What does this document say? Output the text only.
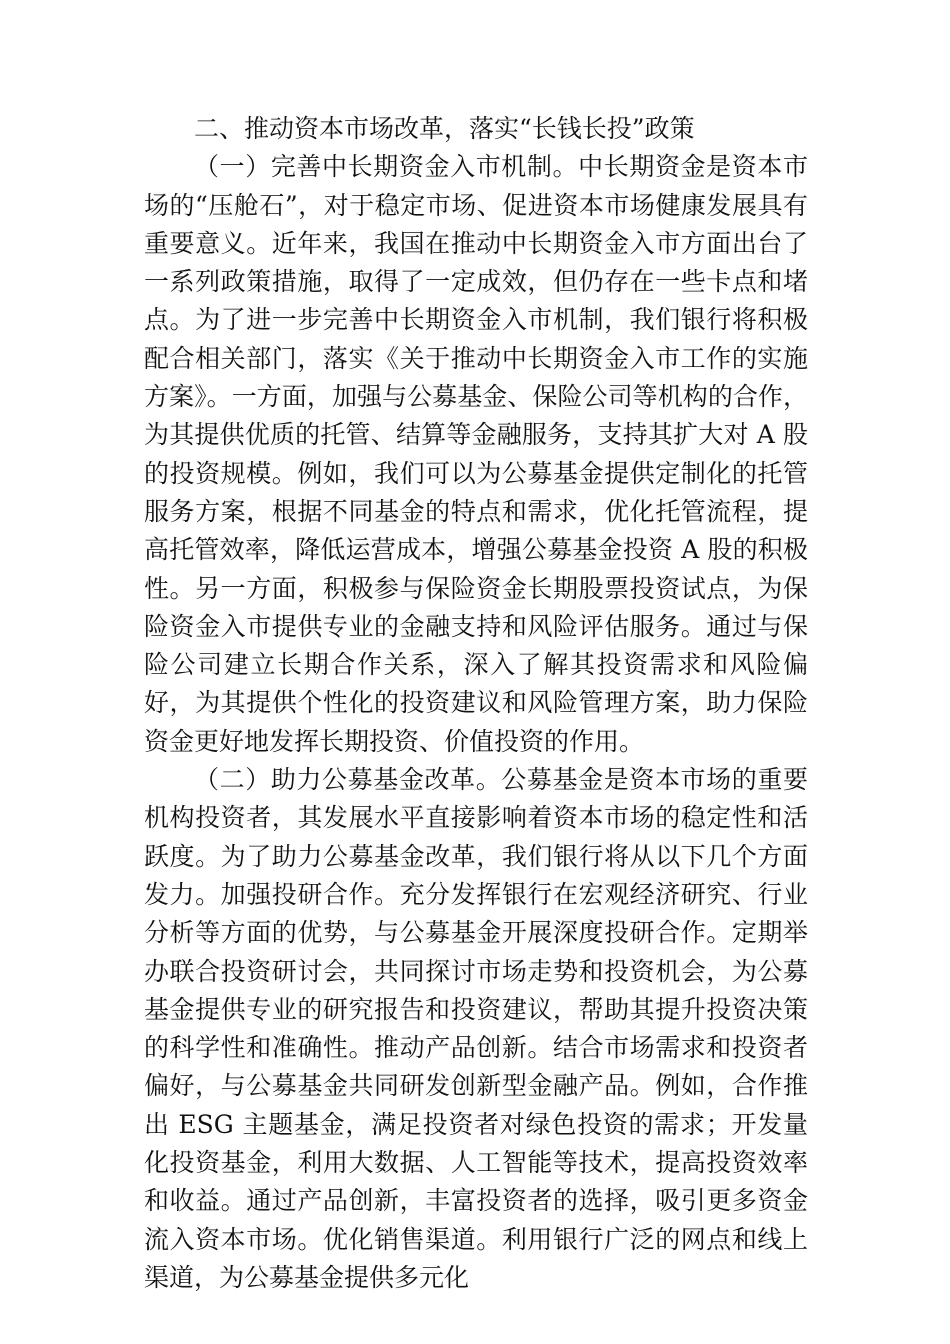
二、推动资本市场改革，落实“长钱长投”政策

（一）完善中长期资金入市机制。中长期资金是资本市场的“压舱石”，对于稳定市场、促进资本市场健康发展具有重要意义。近年来，我国在推动中长期资金入市方面出台了一系列政策措施，取得了一定成效，但仍存在一些卡点和堵点。为了进一步完善中长期资金入市机制，我们银行将积极配合相关部门，落实《关于推动中长期资金入市工作的实施方案》。一方面，加强与公募基金、保险公司等机构的合作，为其提供优质的托管、结算等金融服务，支持其扩大对 A 股的投资规模。例如，我们可以为公募基金提供定制化的托管服务方案，根据不同基金的特点和需求，优化托管流程，提高托管效率，降低运营成本，增强公募基金投资 A 股的积极性。另一方面，积极参与保险资金长期股票投资试点，为保险资金入市提供专业的金融支持和风险评估服务。通过与保险公司建立长期合作关系，深入了解其投资需求和风险偏好，为其提供个性化的投资建议和风险管理方案，助力保险资金更好地发挥长期投资、价值投资的作用。

（二）助力公募基金改革。公募基金是资本市场的重要机构投资者，其发展水平直接影响着资本市场的稳定性和活跃度。为了助力公募基金改革，我们银行将从以下几个方面发力。加强投研合作。充分发挥银行在宏观经济研究、行业分析等方面的优势，与公募基金开展深度投研合作。定期举办联合投资研讨会，共同探讨市场走势和投资机会，为公募基金提供专业的研究报告和投资建议，帮助其提升投资决策的科学性和准确性。推动产品创新。结合市场需求和投资者偏好，与公募基金共同研发创新型金融产品。例如，合作推出 ESG 主题基金，满足投资者对绿色投资的需求；开发量化投资基金，利用大数据、人工智能等技术，提高投资效率和收益。通过产品创新，丰富投资者的选择，吸引更多资金流入资本市场。优化销售渠道。利用银行广泛的网点和线上渠道，为公募基金提供多元化
